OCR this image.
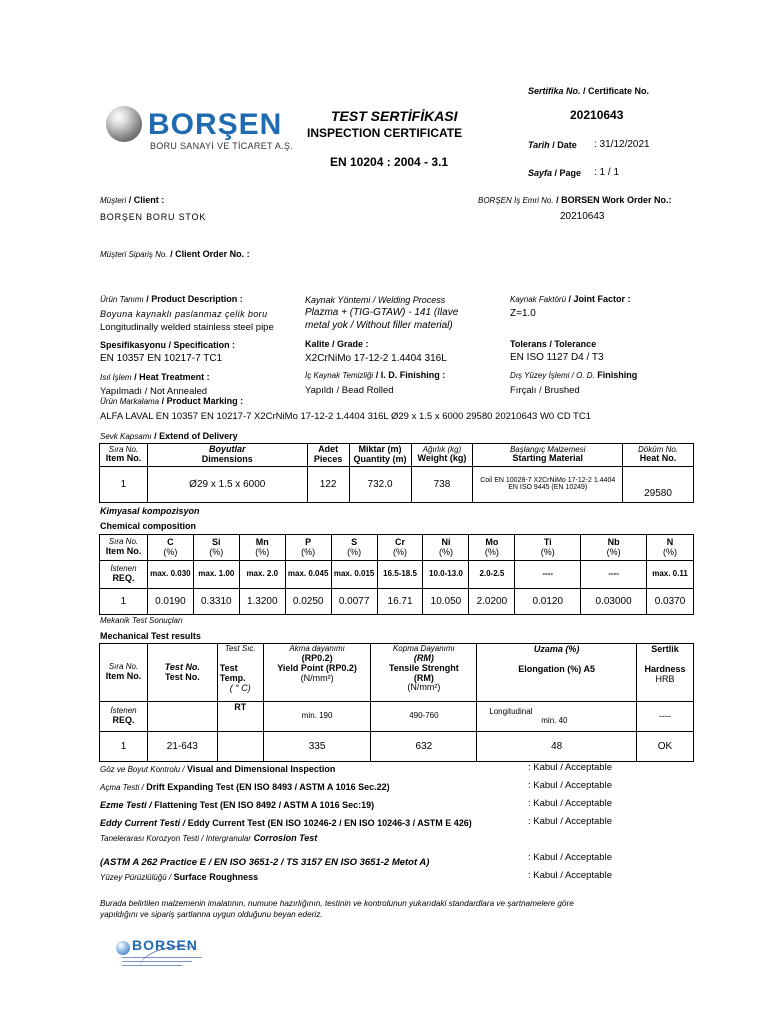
BORŞEN
BORU SANAYİ VE TİCARET A.Ş.
TEST SERTİFİKASI
INSPECTION CERTIFICATE
EN 10204 : 2004 - 3.1
Sertifika No. / Certificate No.
20210643
Tarih / Date : 31/12/2021
Sayfa / Page : 1 / 1
Müşteri / Client :
BORŞEN BORU STOK
BORŞEN İş Emri No. / BORSEN Work Order No.:
20210643
Müşteri Sipariş No. / Client Order No. :
Ürün Tanımı / Product Description :
Boyuna kaynaklı paslanmaz çelik boru
Longitudinally welded stainless steel pipe
Kaynak Yöntemi / Welding Process
Plazma + (TIG-GTAW) - 141 (Ilave
metal yok / Without filler material)
Kaynak Faktörü / Joint Factor :
Z=1.0
Spesifikasyonu / Specification :
EN 10357 EN 10217-7 TC1
Kalite / Grade :
X2CrNiMo 17-12-2 1.4404 316L
Tolerans / Tolerance
EN ISO 1127 D4 / T3
Isıl İşlem / Heat Treatment :
Yapılmadı / Not Annealed
İç Kaynak Temizliği / I. D. Finishing :
Yapıldı / Bead Rolled
Dış Yüzey İşlemi / O. D. Finishing
Fırçalı / Brushed
Ürün Markalama / Product Marking :
ALFA LAVAL EN 10357 EN 10217-7 X2CrNiMo 17-12-2 1.4404 316L Ø29 x 1.5 x 6000 29580 20210643 W0 CD TC1
Sevk Kapsamı / Extend of Delivery
Sıra No.
Item No.	Boyutlar
Dimensions	Adet
Pieces	Miktar (m)
Quantity (m)	Ağırlık (kg)
Weight (kg)	Başlangıç Malzemesi
Starting Material	Döküm No.
Heat No.

1	Ø29 x 1.5 x 6000	122	732.0	738	Coil EN 10028-7 X2CrNiMo 17-12-2 1.4404
EN ISO 9445 (EN 10249)	29580
Kimyasal kompozisyon
Chemical composition
Sıra No.
Item No.	C
(%)	Si
(%)	Mn
(%)	P
(%)	S
(%)	Cr
(%)	Ni
(%)	Mo
(%)	Ti
(%)	Nb
(%)	N
(%)

İstenen
REQ.	max. 0.030	max. 1.00	max. 2.0	max. 0.045	max. 0.015	16.5-18.5	10.0-13.0	2.0-2.5	----	----	max. 0.11
1	0.0190	0.3310	1.3200	0.0250	0.0077	16.71	10.050	2.0200	0.0120	0.03000	0.0370
Mekanik Test Sonuçları
Mechanical Test results
Sıra No.
Item No.	Test No.
Test No.	Test Sıc.
Test
Temp.
( ° C)	Akma dayanımı
(RP0.2)
Yield Point (RP0.2)
(N/mm²)	Kopma Dayanımı
(RM)
Tensile Strenght
(RM)
(N/mm²)	Uzama (%)
Elongation (%) A5	Sertlik
Hardness
HRB

İstenen
REQ.		RT	min. 190	490-760	Longitudinal
min. 40	----
1	21-643		335	632	48	OK
Göz ve Boyut Kontrolu / Visual and Dimensional Inspection	: Kabul / Acceptable
Açma Testi / Drift Expanding Test (EN ISO 8493 / ASTM A 1016 Sec.22)	: Kabul / Acceptable
Ezme Testi / Flattening Test (EN ISO 8492 / ASTM A 1016 Sec:19)	: Kabul / Acceptable
Eddy Current Testi / Eddy Current Test (EN ISO 10246-2 / EN ISO 10246-3 / ASTM E 426)	: Kabul / Acceptable
Tanelerarası Korozyon Testi / Intergranular Corrosion Test
(ASTM A 262 Practice E / EN ISO 3651-2 / TS 3157 EN ISO 3651-2 Metot A)	: Kabul / Acceptable
Yüzey Pürüzlülüğü / Surface Roughness	: Kabul / Acceptable
Burada belirtilen malzemenin imalatının, numune hazırlığının, testinin ve kontrolunun yukarıdaki standardlara ve şartnamelere göre
yapıldığını ve sipariş şartlanna uygun olduğunu beyan ederiz.
BORSEN
